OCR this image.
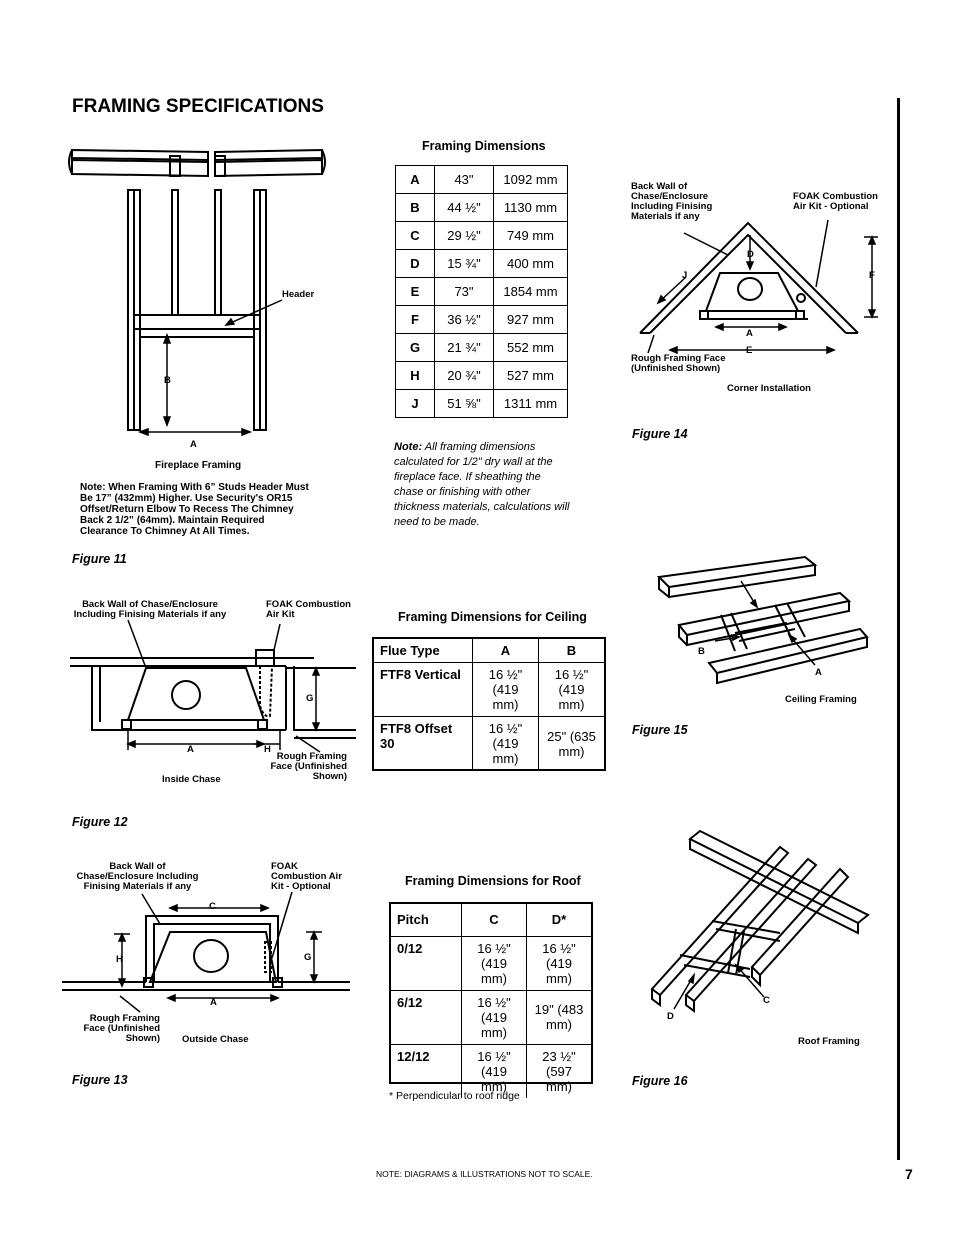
FRAMING SPECIFICATIONS
7
NOTE: DIAGRAMS & ILLUSTRATIONS NOT TO SCALE.
Header
B
A
Fireplace Framing
Note: When Framing With 6” Studs Header Must Be 17” (432mm) Higher. Use Security's OR15 Offset/Return Elbow To Recess The Chimney Back 2 1/2” (64mm). Maintain Required Clearance To Chimney At All Times.
Figure 11
Framing Dimensions
A	43"	1092 mm
B	44 ½"	1130 mm
C	29 ½"	749 mm
D	15 ¾"	400 mm
E	73"	1854 mm
F	36 ½"	927 mm
G	21 ¾"	552 mm
H	20 ¾"	527 mm
J	51 ⅝"	1311 mm
Note: All framing dimensions calculated for 1/2" dry wall at the fireplace face. If sheathing the chase or finishing with other thickness materials, calculations will need to be made.
Back Wall of Chase/Enclosure Including Finising Materials if any
FOAK Combustion Air Kit - Optional
D
J	F
A
E
Rough Framing Face (Unfinished Shown)
Corner Installation
Figure 14
Back Wall of Chase/Enclosure Including Finising Materials if any
FOAK Combustion Air Kit
A	H
G
Rough Framing Face (Unfinished Shown)
Inside Chase
Figure 12
Framing Dimensions for Ceiling
Flue Type	A	B
FTF8 Vertical	16 ½" (419 mm)	16 ½" (419 mm)
FTF8 Offset 30	16 ½" (419 mm)	25" (635 mm)
B
A
Ceiling Framing
Figure 15
Back Wall of Chase/Enclosure Including Finising Materials if any
FOAK Combustion Air Kit - Optional
C
H	G
A
Rough Framing Face (Unfinished Shown) Outside Chase
Figure 13
Framing Dimensions for Roof
Pitch	C	D*
0/12	16 ½" (419 mm)	16 ½" (419 mm)
6/12	16 ½" (419 mm)	19" (483 mm)
12/12	16 ½" (419 mm)	23 ½" (597 mm)
* Perpendicular to roof ridge
C
D
Roof Framing
Figure 16
